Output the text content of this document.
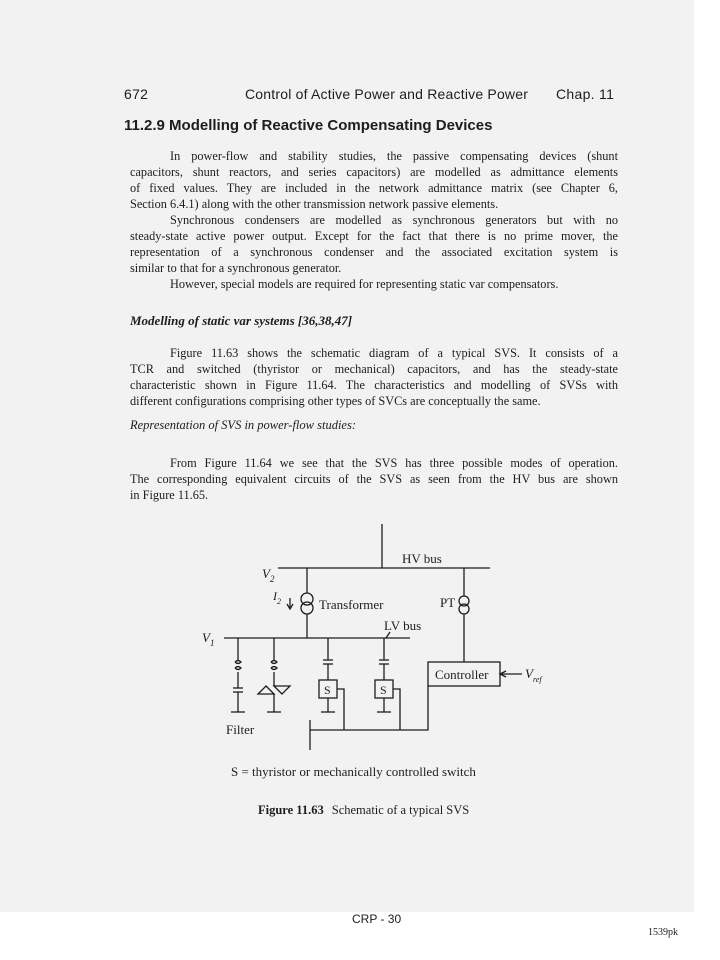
672	Control of Active Power and Reactive Power Chap. 11
11.2.9 Modelling of Reactive Compensating Devices
In power-flow and stability studies, the passive compensating devices (shunt
capacitors, shunt reactors, and series capacitors) are modelled as admittance elements
of fixed values. They are included in the network admittance matrix (see Chapter 6,
Section 6.4.1) along with the other transmission network passive elements.
Synchronous condensers are modelled as synchronous generators but with no
steady-state active power output. Except for the fact that there is no prime mover, the
representation of a synchronous condenser and the associated excitation system is
similar to that for a synchronous generator.
However, special models are required for representing static var compensators.
Modelling of static var systems [36,38,47]
Figure 11.63 shows the schematic diagram of a typical SVS. It consists of a
TCR and switched (thyristor or mechanical) capacitors, and has the steady-state
characteristic shown in Figure 11.64. The characteristics and modelling of SVSs with
different configurations comprising other types of SVCs are conceptually the same.
Representation of SVS in power-flow studies:
From Figure 11.64 we see that the SVS has three possible modes of operation.
The corresponding equivalent circuits of the SVS as seen from the HV bus are shown
in Figure 11.65.
$V_2$
$V_1$
$I_2$
HV bus
LV bus
Transformer	PT
Controller	$V_{ref}$
Filter
S	S
S = thyristor or mechanically controlled switch
Figure 11.63 Schematic of a typical SVS
CRP - 30
1539pk
